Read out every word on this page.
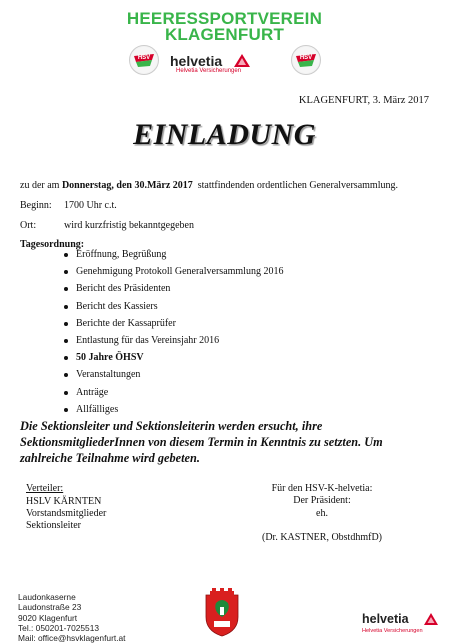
HEERESSPORTVEREIN
KLAGENFURT
HSV	HSV
helvetia
Helvetia Versicherungen
KLAGENFURT, 3. März 2017
EINLADUNG
zu der am Donnerstag, den 30.März 2017  stattfindenden ordentlichen Generalversammlung.
Beginn: 1700 Uhr c.t.
Ort:	wird kurzfristig bekanntgegeben
Tagesordnung:
Eröffnung, Begrüßung
Genehmigung Protokoll Generalversammlung 2016
Bericht des Präsidenten
Bericht des Kassiers
Berichte der Kassaprüfer
Entlastung für das Vereinsjahr 2016
50 Jahre ÖHSV
Veranstaltungen
Anträge
Allfälliges
Die Sektionsleiter und Sektionsleiterin werden ersucht, ihre SektionsmitgliederInnen von diesem Termin in Kenntnis zu setzten. Um zahlreiche Teilnahme wird gebeten.
Verteiler:
HSLV KÄRNTEN
Vorstandsmitglieder
Sektionsleiter
Für den HSV-K-helvetia:
Der Präsident:
eh.
(Dr. KASTNER, ObstdhmfD)
Laudonkaserne
Laudonstraße 23
9020 Klagenfurt
Tel.: 050201-7025513
Mail: office@hsvklagenfurt.at
helvetia
Helvetia Versicherungen
